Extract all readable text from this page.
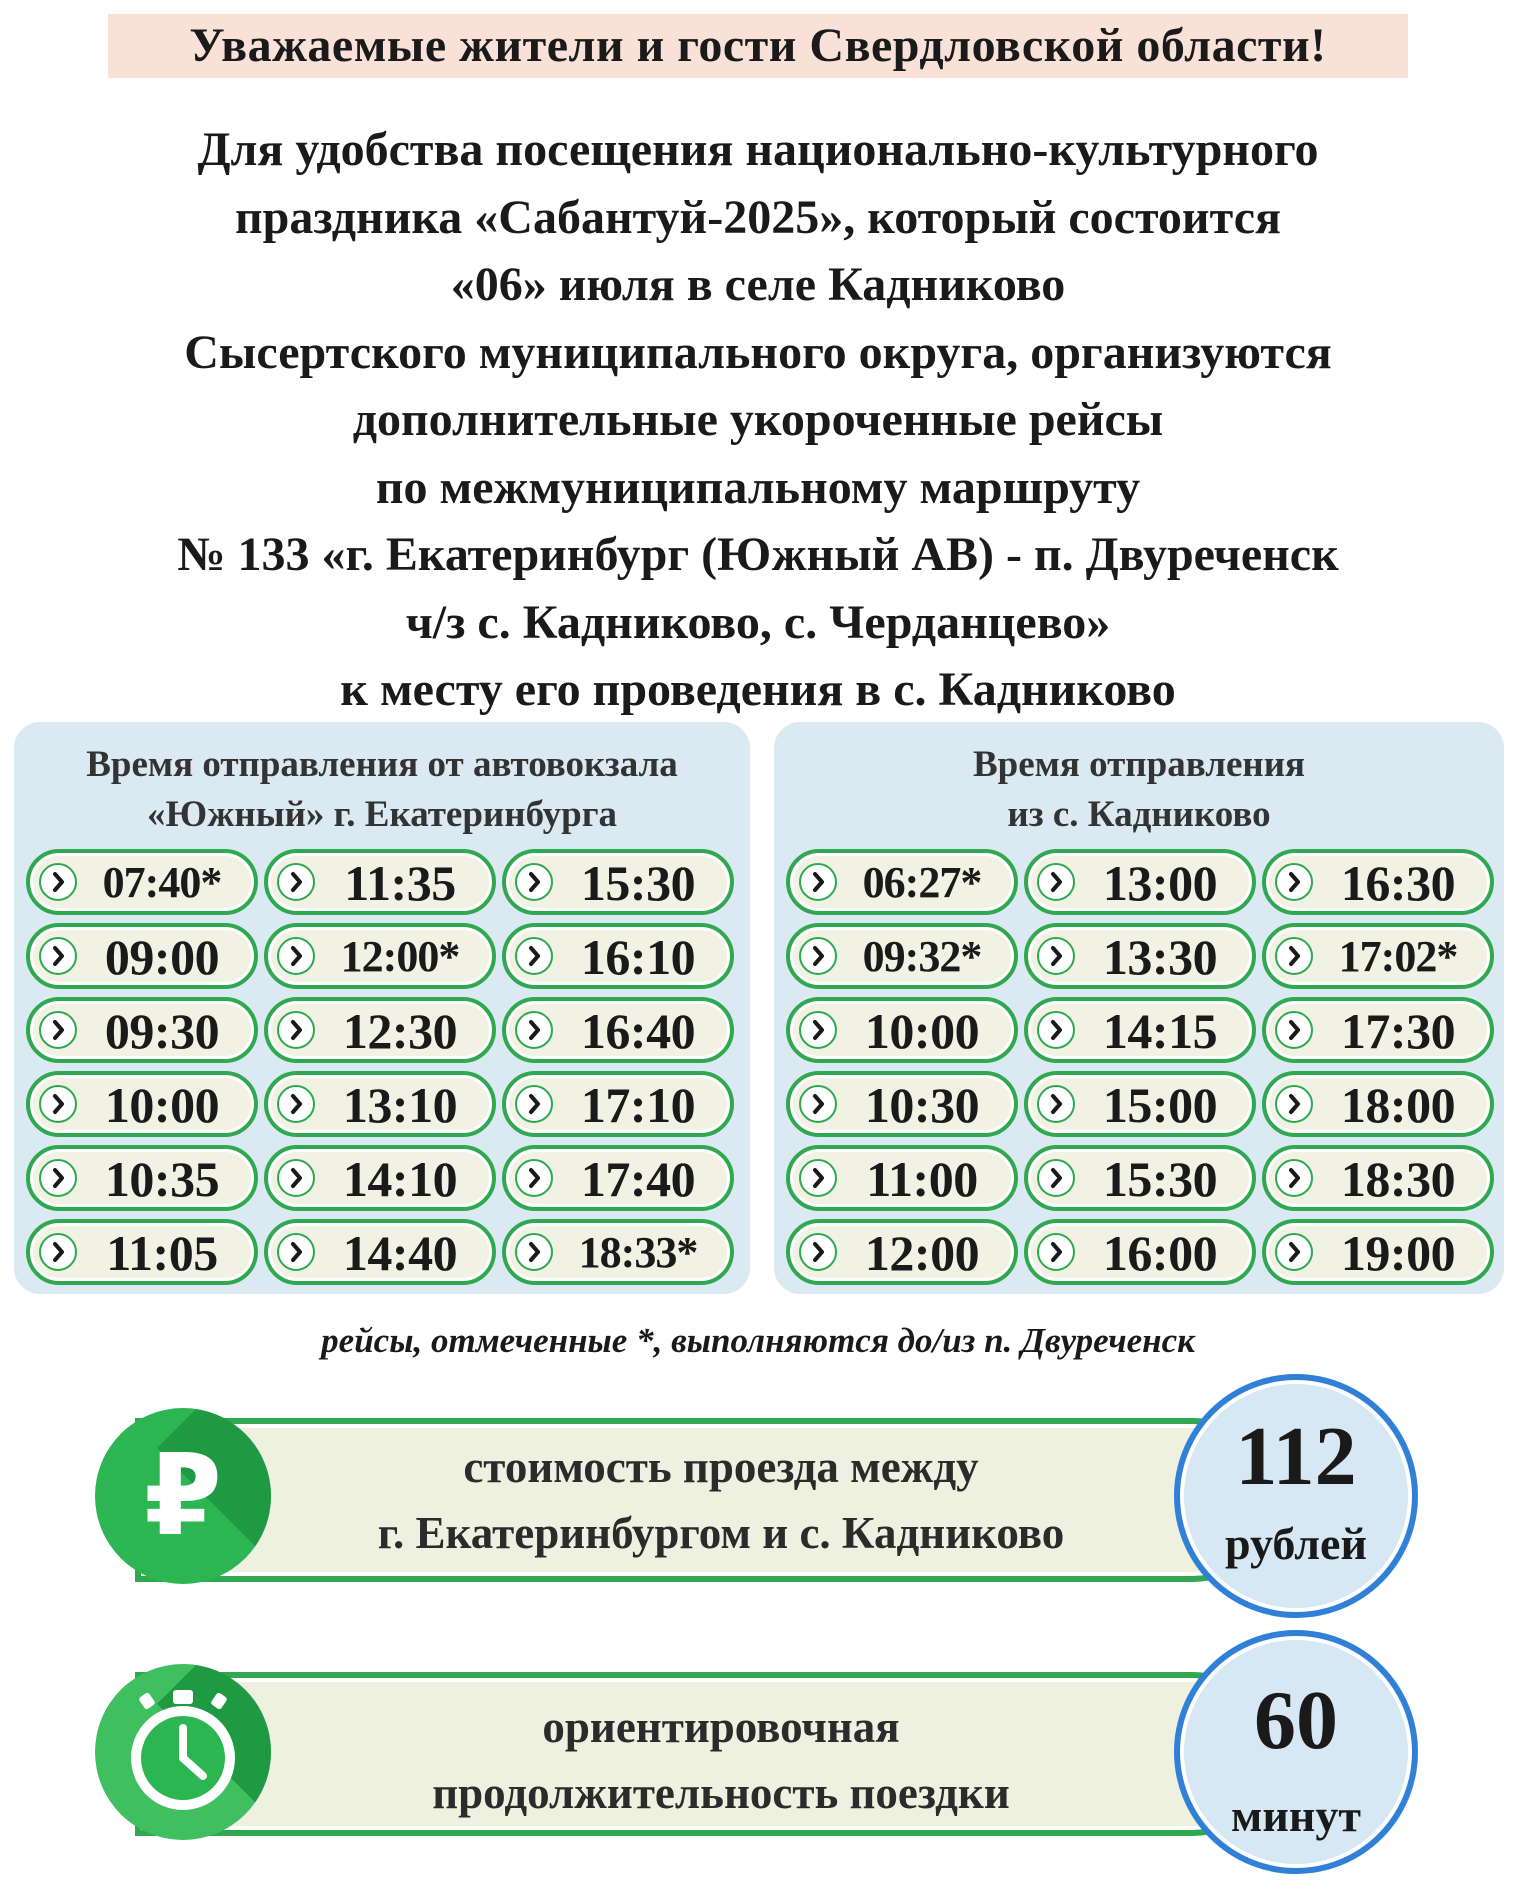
Уважаемые жители и гости Свердловской области!
Для удобства посещения национально-культурного
праздника «Сабантуй-2025», который состоится
«06» июля в селе Кадниково
Сысертского муниципального округа, организуются
дополнительные укороченные рейсы
по межмуниципальному маршруту
№ 133 «г. Екатеринбург (Южный АВ) - п. Двуреченск
ч/з с. Кадниково, с. Черданцево»
к месту его проведения в с. Кадниково
Время отправления от автовокзала
«Южный» г. Екатеринбурга
07:40*	11:35	15:30
09:00	12:00*	16:10
09:30	12:30	16:40
10:00	13:10	17:10
10:35	14:10	17:40
11:05	14:40	18:33*
Время отправления
из с. Кадниково
06:27*	13:00	16:30
09:32*	13:30	17:02*
10:00	14:15	17:30
10:30	15:00	18:00
11:00	15:30	18:30
12:00	16:00	19:00
рейсы, отмеченные *, выполняются до/из п. Двуреченск
стоимость проезда между
г. Екатеринбургом и с. Кадниково
₽	112
рублей
ориентировочная
продолжительность поездки
60
минут
